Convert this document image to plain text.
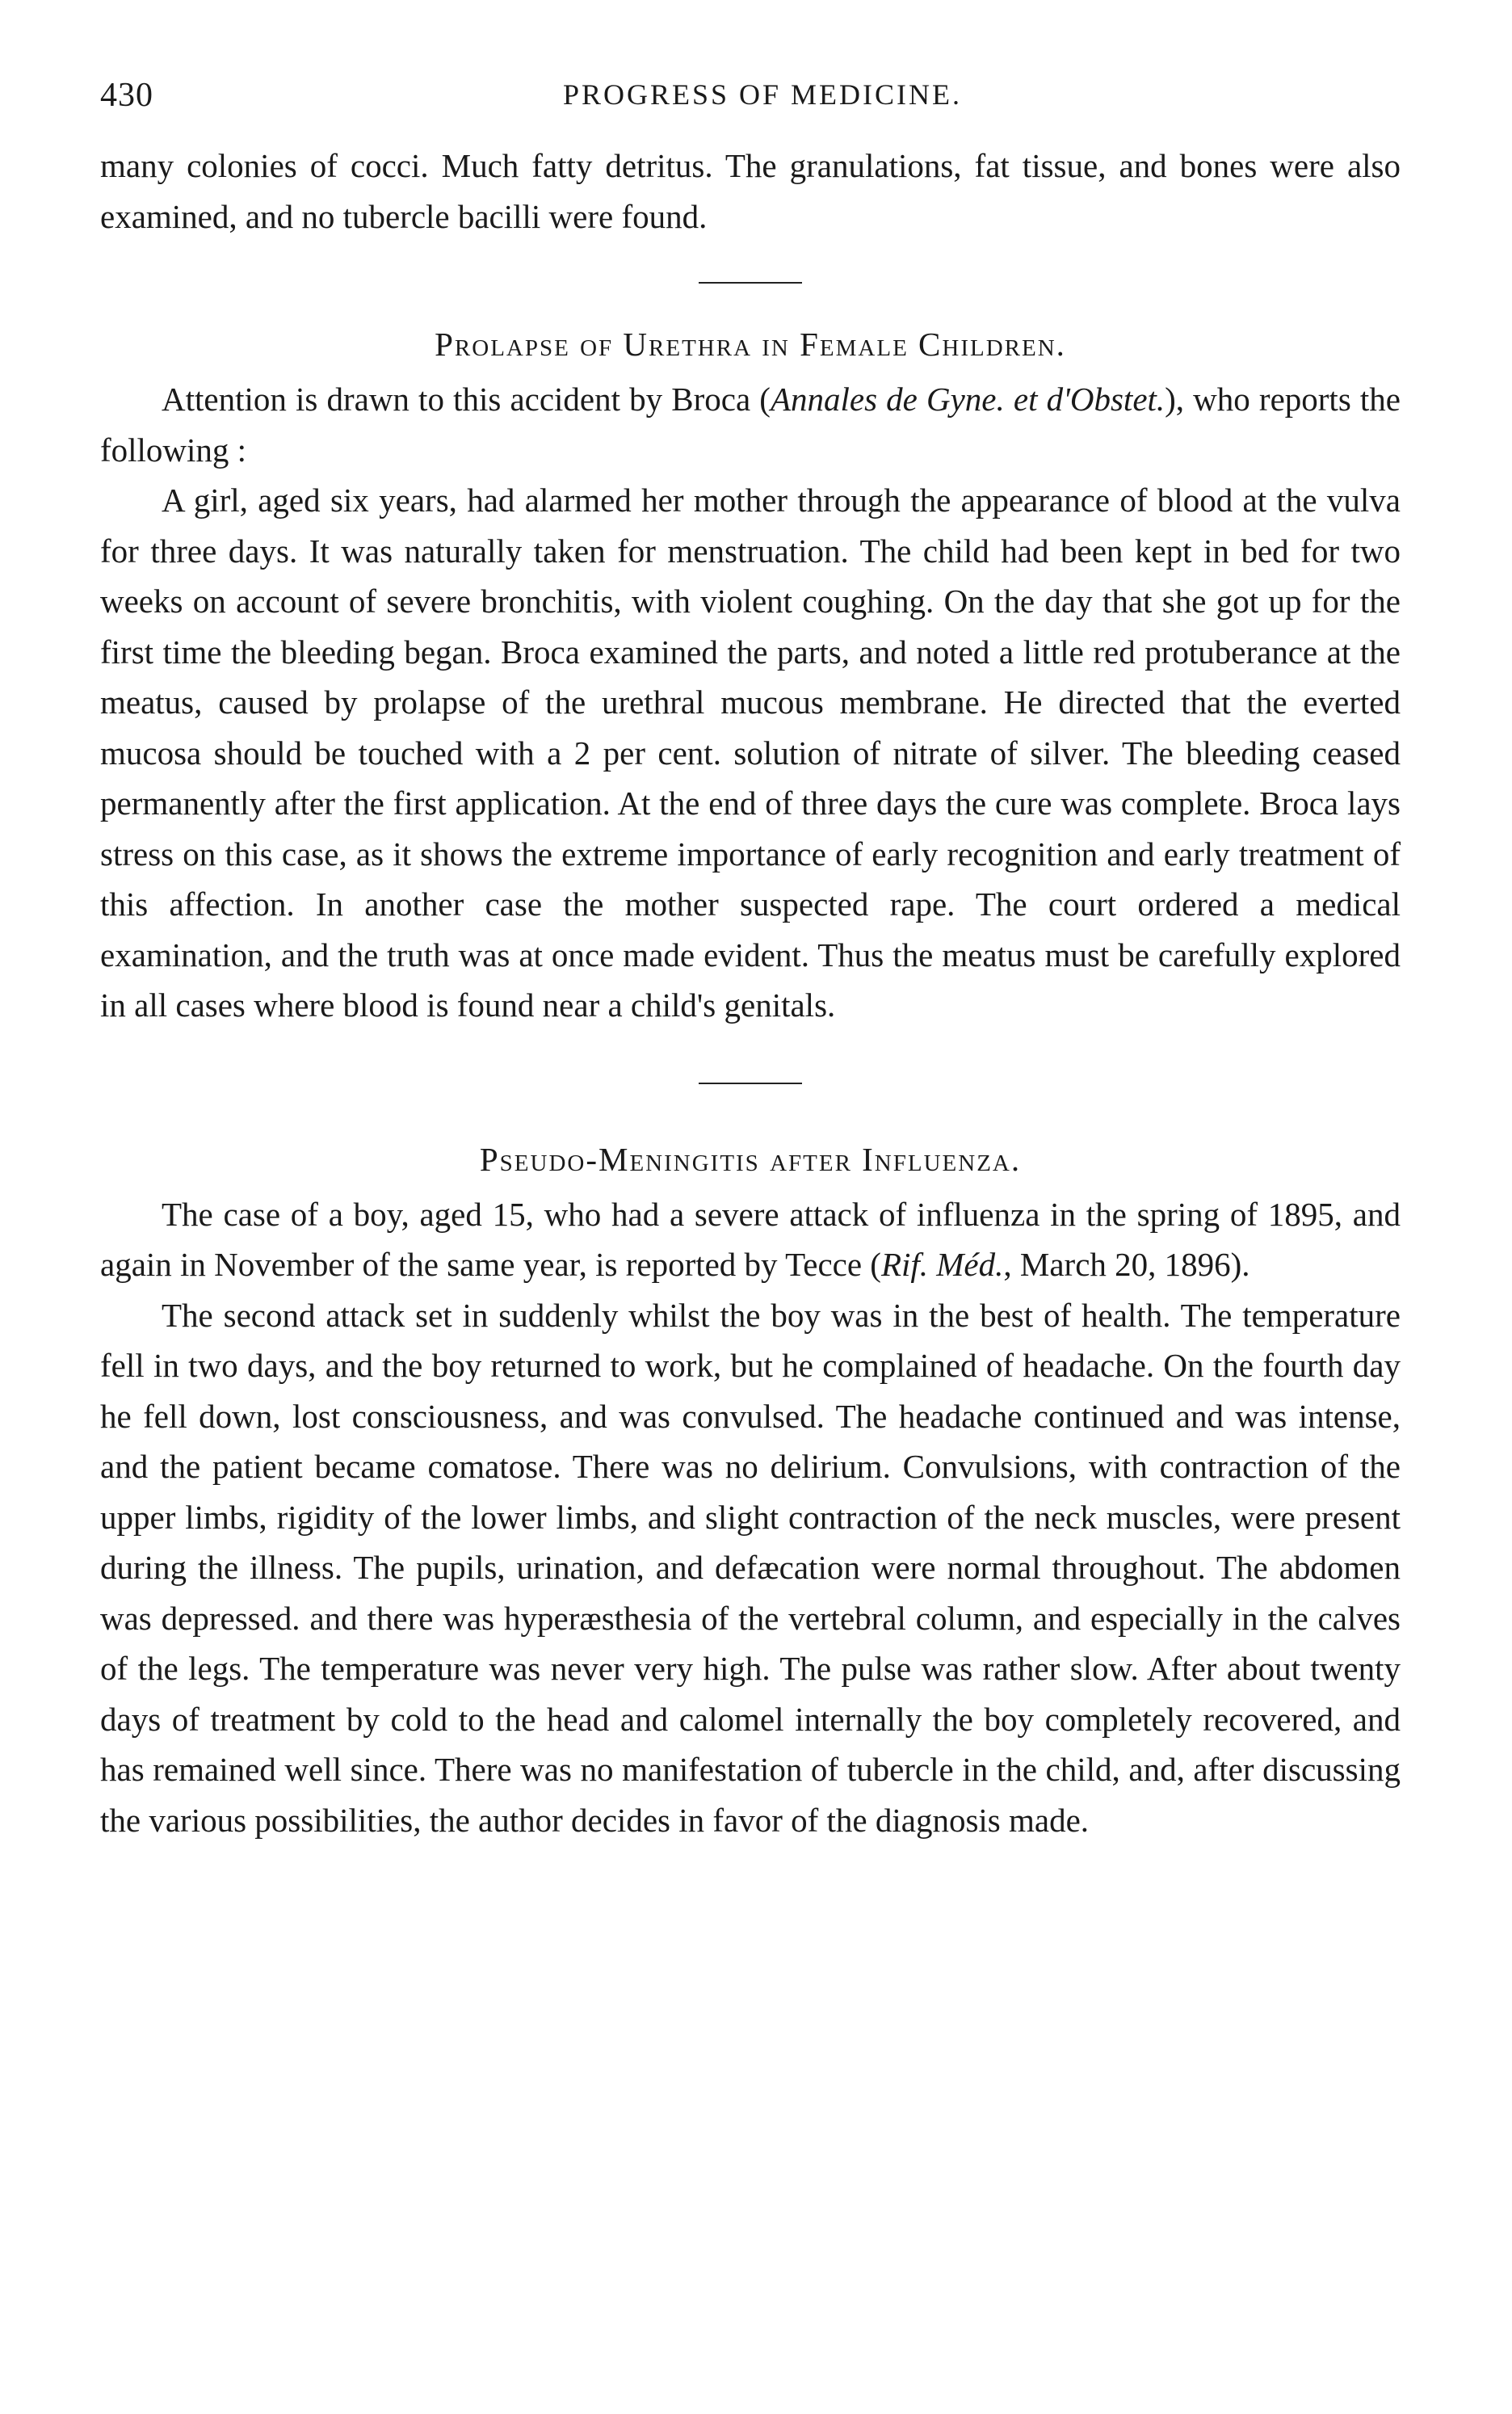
430	PROGRESS OF MEDICINE.

many colonies of cocci. Much fatty detritus. The granulations, fat tissue, and bones were also examined, and no tubercle bacilli were found.

Prolapse of Urethra in Female Children.

Attention is drawn to this accident by Broca (Annales de Gyne. et d'Obstet.), who reports the following :

A girl, aged six years, had alarmed her mother through the appearance of blood at the vulva for three days. It was naturally taken for menstruation. The child had been kept in bed for two weeks on account of severe bronchitis, with violent coughing. On the day that she got up for the first time the bleeding began. Broca examined the parts, and noted a little red protuberance at the meatus, caused by prolapse of the urethral mucous membrane. He directed that the everted mucosa should be touched with a 2 per cent. solution of nitrate of silver. The bleeding ceased permanently after the first application. At the end of three days the cure was complete. Broca lays stress on this case, as it shows the extreme importance of early recognition and early treatment of this affection. In another case the mother suspected rape. The court ordered a medical examination, and the truth was at once made evident. Thus the meatus must be carefully explored in all cases where blood is found near a child's genitals.

Pseudo-Meningitis after Influenza.

The case of a boy, aged 15, who had a severe attack of influenza in the spring of 1895, and again in November of the same year, is reported by Tecce (Rif. Méd., March 20, 1896).

The second attack set in suddenly whilst the boy was in the best of health. The temperature fell in two days, and the boy returned to work, but he complained of headache. On the fourth day he fell down, lost consciousness, and was convulsed. The headache continued and was intense, and the patient became comatose. There was no delirium. Convulsions, with contraction of the upper limbs, rigidity of the lower limbs, and slight contraction of the neck muscles, were present during the illness. The pupils, urination, and defæcation were normal throughout. The abdomen was depressed. and there was hyperæsthesia of the vertebral column, and especially in the calves of the legs. The temperature was never very high. The pulse was rather slow. After about twenty days of treatment by cold to the head and calomel internally the boy completely recovered, and has remained well since. There was no manifestation of tubercle in the child, and, after discussing the various possibilities, the author decides in favor of the diagnosis made.
